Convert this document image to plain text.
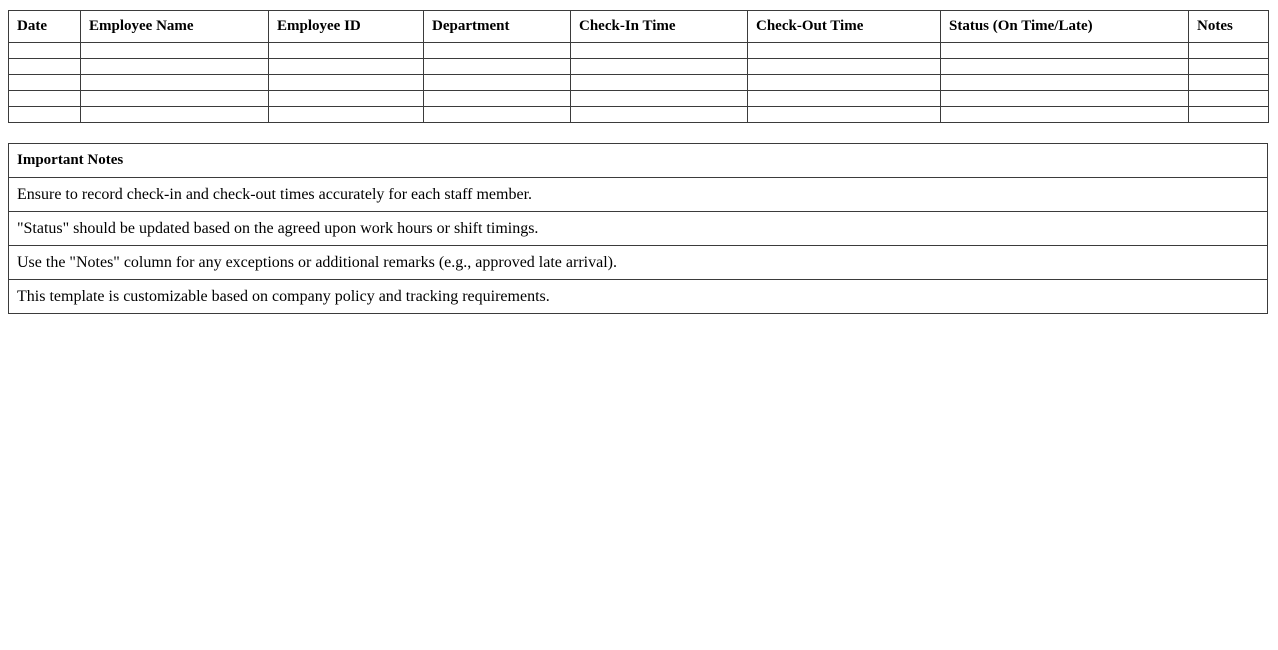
Date	Employee Name	Employee ID	Department	Check-In Time	Check-Out Time	Status (On Time/Late)	Notes

Important Notes
Ensure to record check-in and check-out times accurately for each staff member.
"Status" should be updated based on the agreed upon work hours or shift timings.
Use the "Notes" column for any exceptions or additional remarks (e.g., approved late arrival).
This template is customizable based on company policy and tracking requirements.
